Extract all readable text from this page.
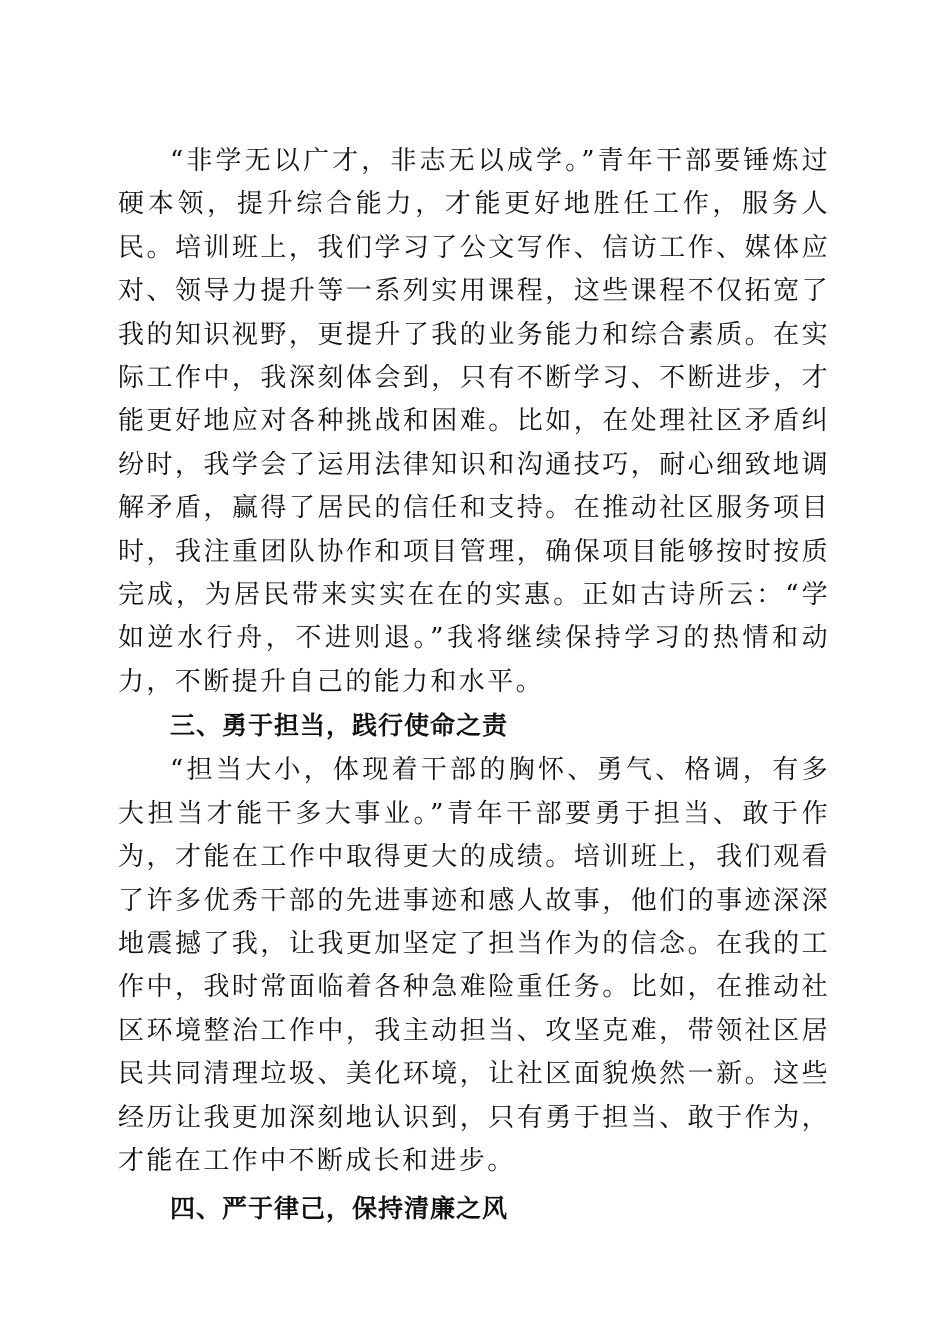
“非学无以广才，非志无以成学。”青年干部要锤炼过硬本领，提升综合能力，才能更好地胜任工作，服务人民。培训班上，我们学习了公文写作、信访工作、媒体应对、领导力提升等一系列实用课程，这些课程不仅拓宽了我的知识视野，更提升了我的业务能力和综合素质。在实际工作中，我深刻体会到，只有不断学习、不断进步，才能更好地应对各种挑战和困难。比如，在处理社区矛盾纠纷时，我学会了运用法律知识和沟通技巧，耐心细致地调解矛盾，赢得了居民的信任和支持。在推动社区服务项目时，我注重团队协作和项目管理，确保项目能够按时按质完成，为居民带来实实在在的实惠。正如古诗所云：“学如逆水行舟，不进则退。”我将继续保持学习的热情和动力，不断提升自己的能力和水平。

三、勇于担当，践行使命之责

“担当大小，体现着干部的胸怀、勇气、格调，有多大担当才能干多大事业。”青年干部要勇于担当、敢于作为，才能在工作中取得更大的成绩。培训班上，我们观看了许多优秀干部的先进事迹和感人故事，他们的事迹深深地震撼了我，让我更加坚定了担当作为的信念。在我的工作中，我时常面临着各种急难险重任务。比如，在推动社区环境整治工作中，我主动担当、攻坚克难，带领社区居民共同清理垃圾、美化环境，让社区面貌焕然一新。这些经历让我更加深刻地认识到，只有勇于担当、敢于作为，才能在工作中不断成长和进步。

四、严于律己，保持清廉之风
